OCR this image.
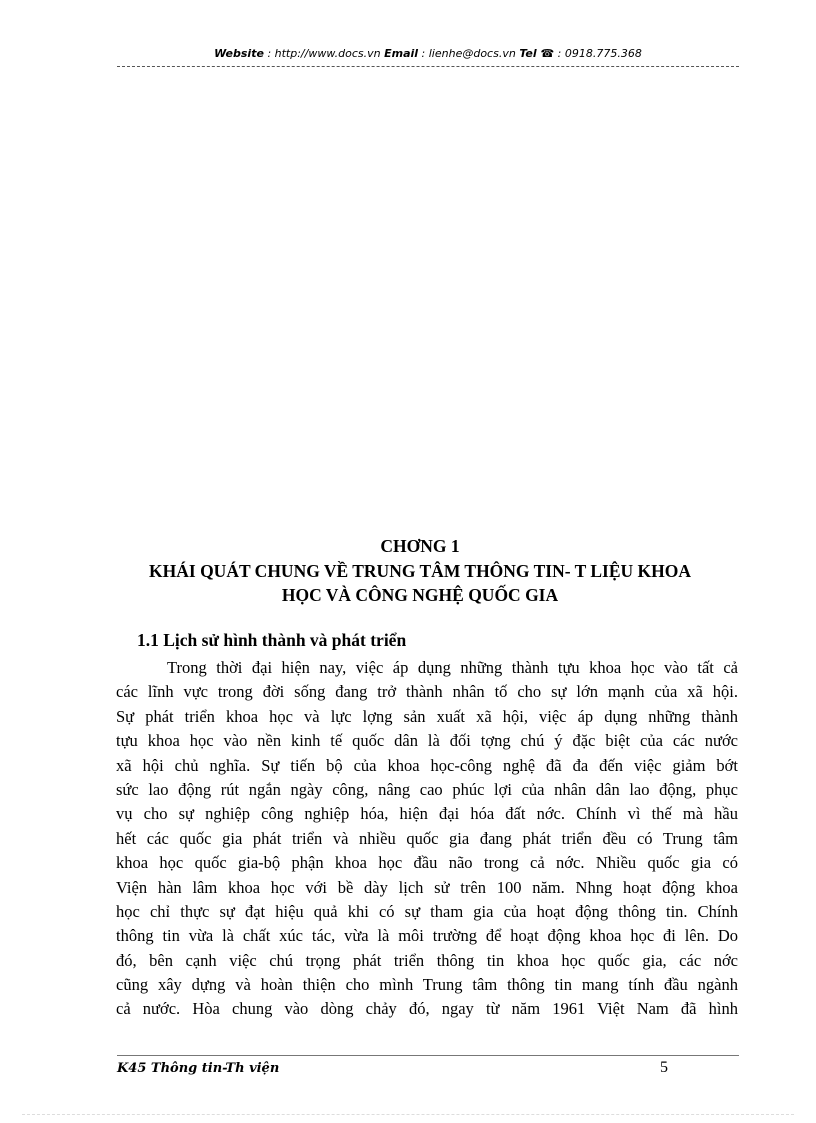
Website : http://www.docs.vn Email : lienhe@docs.vn Tel ☎ : 0918.775.368
CHƠNG 1
KHÁI QUÁT CHUNG VỀ TRUNG TÂM THÔNG TIN- T LIỆU KHOA
HỌC VÀ CÔNG NGHỆ QUỐC GIA
1.1 Lịch sử hình thành và phát triển
Trong thời đại hiện nay, việc áp dụng những thành tựu khoa học vào tất cả
các lĩnh vực trong đời sống đang trở thành nhân tố cho sự lớn mạnh của xã hội.
Sự phát triển khoa học và lực lợng sản xuất xã hội, việc áp dụng những thành
tựu khoa học vào nền kinh tế quốc dân là đối tợng chú ý đặc biệt của các nước
xã hội chủ nghĩa. Sự tiến bộ của khoa học-công nghệ đã đa đến việc giảm bớt
sức lao động rút ngắn ngày công, nâng cao phúc lợi của nhân dân lao động, phục
vụ cho sự nghiệp công nghiệp hóa, hiện đại hóa đất nớc. Chính vì thế mà hầu
hết các quốc gia phát triển và nhiều quốc gia đang phát triển đều có Trung tâm
khoa học quốc gia-bộ phận khoa học đầu não trong cả nớc. Nhiều quốc gia có
Viện hàn lâm khoa học với bề dày lịch sử trên 100 năm. Nhng hoạt động khoa
học chỉ thực sự đạt hiệu quả khi có sự tham gia của hoạt động thông tin. Chính
thông tin vừa là chất xúc tác, vừa là môi trường để hoạt động khoa học đi lên. Do
đó, bên cạnh việc chú trọng phát triển thông tin khoa học quốc gia, các nớc
cũng xây dựng và hoàn thiện cho mình Trung tâm thông tin mang tính đầu ngành
cả nước. Hòa chung vào dòng chảy đó, ngay từ năm 1961 Việt Nam đã hình
K45 Thông tin-Th viện	5
